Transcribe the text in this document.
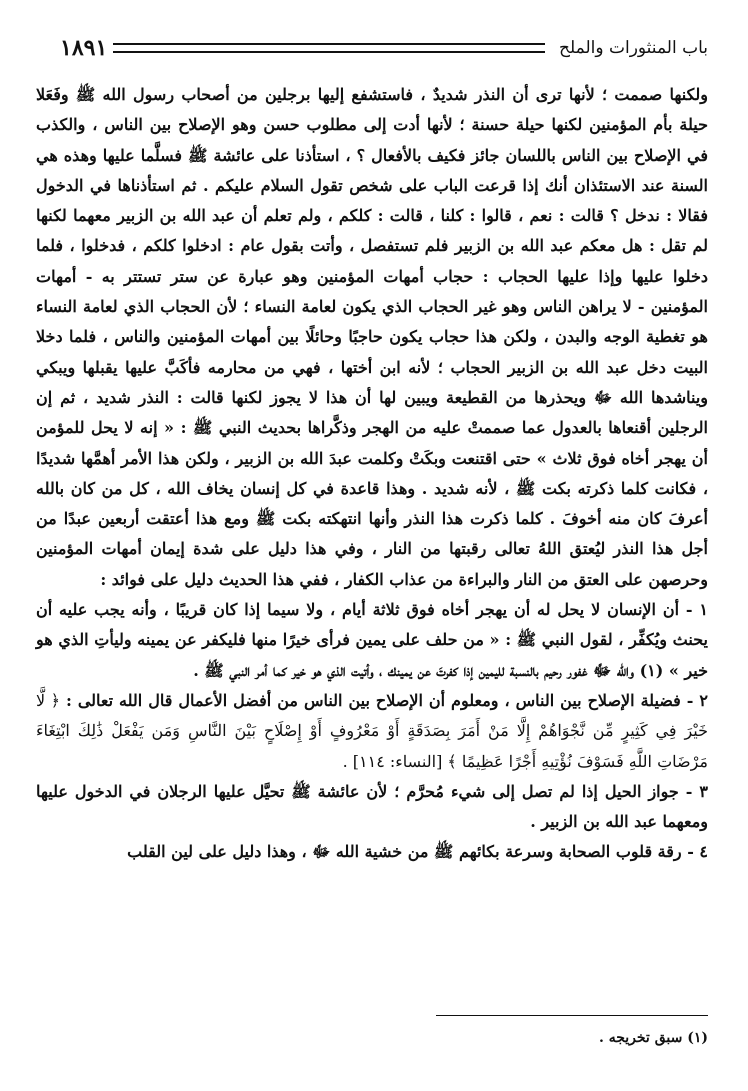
باب المنثورات والملح
١٨٩١

ولكنها صممت ؛ لأنها ترى أن النذر شديدٌ ، فاستشفع إليها برجلين من أصحاب رسول الله ﷺ وفَعَلا حيلة بأم المؤمنين لكنها حيلة حسنة ؛ لأنها أدت إلى مطلوب حسن وهو الإصلاح بين الناس ، والكذب في الإصلاح بين الناس باللسان جائز فكيف بالأفعال ؟ ، استأذنا على عائشة ﷺ فسلَّما عليها وهذه هي السنة عند الاستئذان أنك إذا قرعت الباب على شخص تقول السلام عليكم . ثم استأذناها في الدخول فقالا : ندخل ؟ قالت : نعم ، قالوا : كلنا ، قالت : كلكم ، ولم تعلم أن عبد الله بن الزبير معهما لكنها لم تقل : هل معكم عبد الله بن الزبير فلم تستفصل ، وأتت بقول عام : ادخلوا كلكم ، فدخلوا ، فلما دخلوا عليها وإذا عليها الحجاب : حجاب أمهات المؤمنين وهو عبارة عن ستر تستتر به - أمهات المؤمنين - لا يراهن الناس وهو غير الحجاب الذي يكون لعامة النساء ؛ لأن الحجاب الذي لعامة النساء هو تغطية الوجه والبدن ، ولكن هذا حجاب يكون حاجبًا وحائلًا بين أمهات المؤمنين والناس ، فلما دخلا البيت دخل عبد الله بن الزبير الحجاب ؛ لأنه ابن أختها ، فهي من محارمه فأكَبَّ عليها يقبلها ويبكي ويناشدها الله ﷻ ويحذرها من القطيعة ويبين لها أن هذا لا يجوز لكنها قالت : النذر شديد ، ثم إن الرجلين أقنعاها بالعدول عما صممتْ عليه من الهجر وذكَّراها بحديث النبي ﷺ : « إنه لا يحل للمؤمن أن يهجر أخاه فوق ثلاث » حتى اقتنعت وبكَتْ وكلمت عبدَ الله بن الزبير ، ولكن هذا الأمر أهمَّها شديدًا ، فكانت كلما ذكرته بكت ﷺ ، لأنه شديد . وهذا قاعدة في كل إنسان يخاف الله ، كل من كان بالله أعرفَ كان منه أخوفَ . كلما ذكرت هذا النذر وأنها انتهكته بكت ﷺ ومع هذا أعتقت أربعين عبدًا من أجل هذا النذر ليُعتق اللهُ تعالى رقبتها من النار ، وفي هذا دليل على شدة إيمان أمهات المؤمنين وحرصهن على العتق من النار والبراءة من عذاب الكفار ، ففي هذا الحديث دليل على فوائد :

١ - أن الإنسان لا يحل له أن يهجر أخاه فوق ثلاثة أيام ، ولا سيما إذا كان قريبًا ، وأنه يجب عليه أن يحنث ويُكفِّر ، لقول النبي ﷺ : « من حلف على يمين فرأى خيرًا منها فليكفر عن يمينه وليأتِ الذي هو خير » (١) والله ﷻ غفور رحيم بالنسبة لليمين إذا كفرتَ عن يمينك ، وأتيت الذي هو خير كما أمر النبي ﷺ .

٢ - فضيلة الإصلاح بين الناس ، ومعلوم أن الإصلاح بين الناس من أفضل الأعمال قال الله تعالى : ﴿ لَّا خَيْرَ فِي كَثِيرٍ مِّن نَّجْوَاهُمْ إِلَّا مَنْ أَمَرَ بِصَدَقَةٍ أَوْ مَعْرُوفٍ أَوْ إِصْلَاحٍ بَيْنَ النَّاسِ وَمَن يَفْعَلْ ذَٰلِكَ ابْتِغَاءَ مَرْضَاتِ اللَّهِ فَسَوْفَ نُؤْتِيهِ أَجْرًا عَظِيمًا ﴾ [النساء: ١١٤] .

٣ - جواز الحيل إذا لم تصل إلى شيء مُحرَّم ؛ لأن عائشة ﷺ تحيَّل عليها الرجلان في الدخول عليها ومعهما عبد الله بن الزبير .

٤ - رقة قلوب الصحابة وسرعة بكائهم ﷺ من خشية الله ﷻ ، وهذا دليل على لين القلب

(١) سبق تخريجه .
